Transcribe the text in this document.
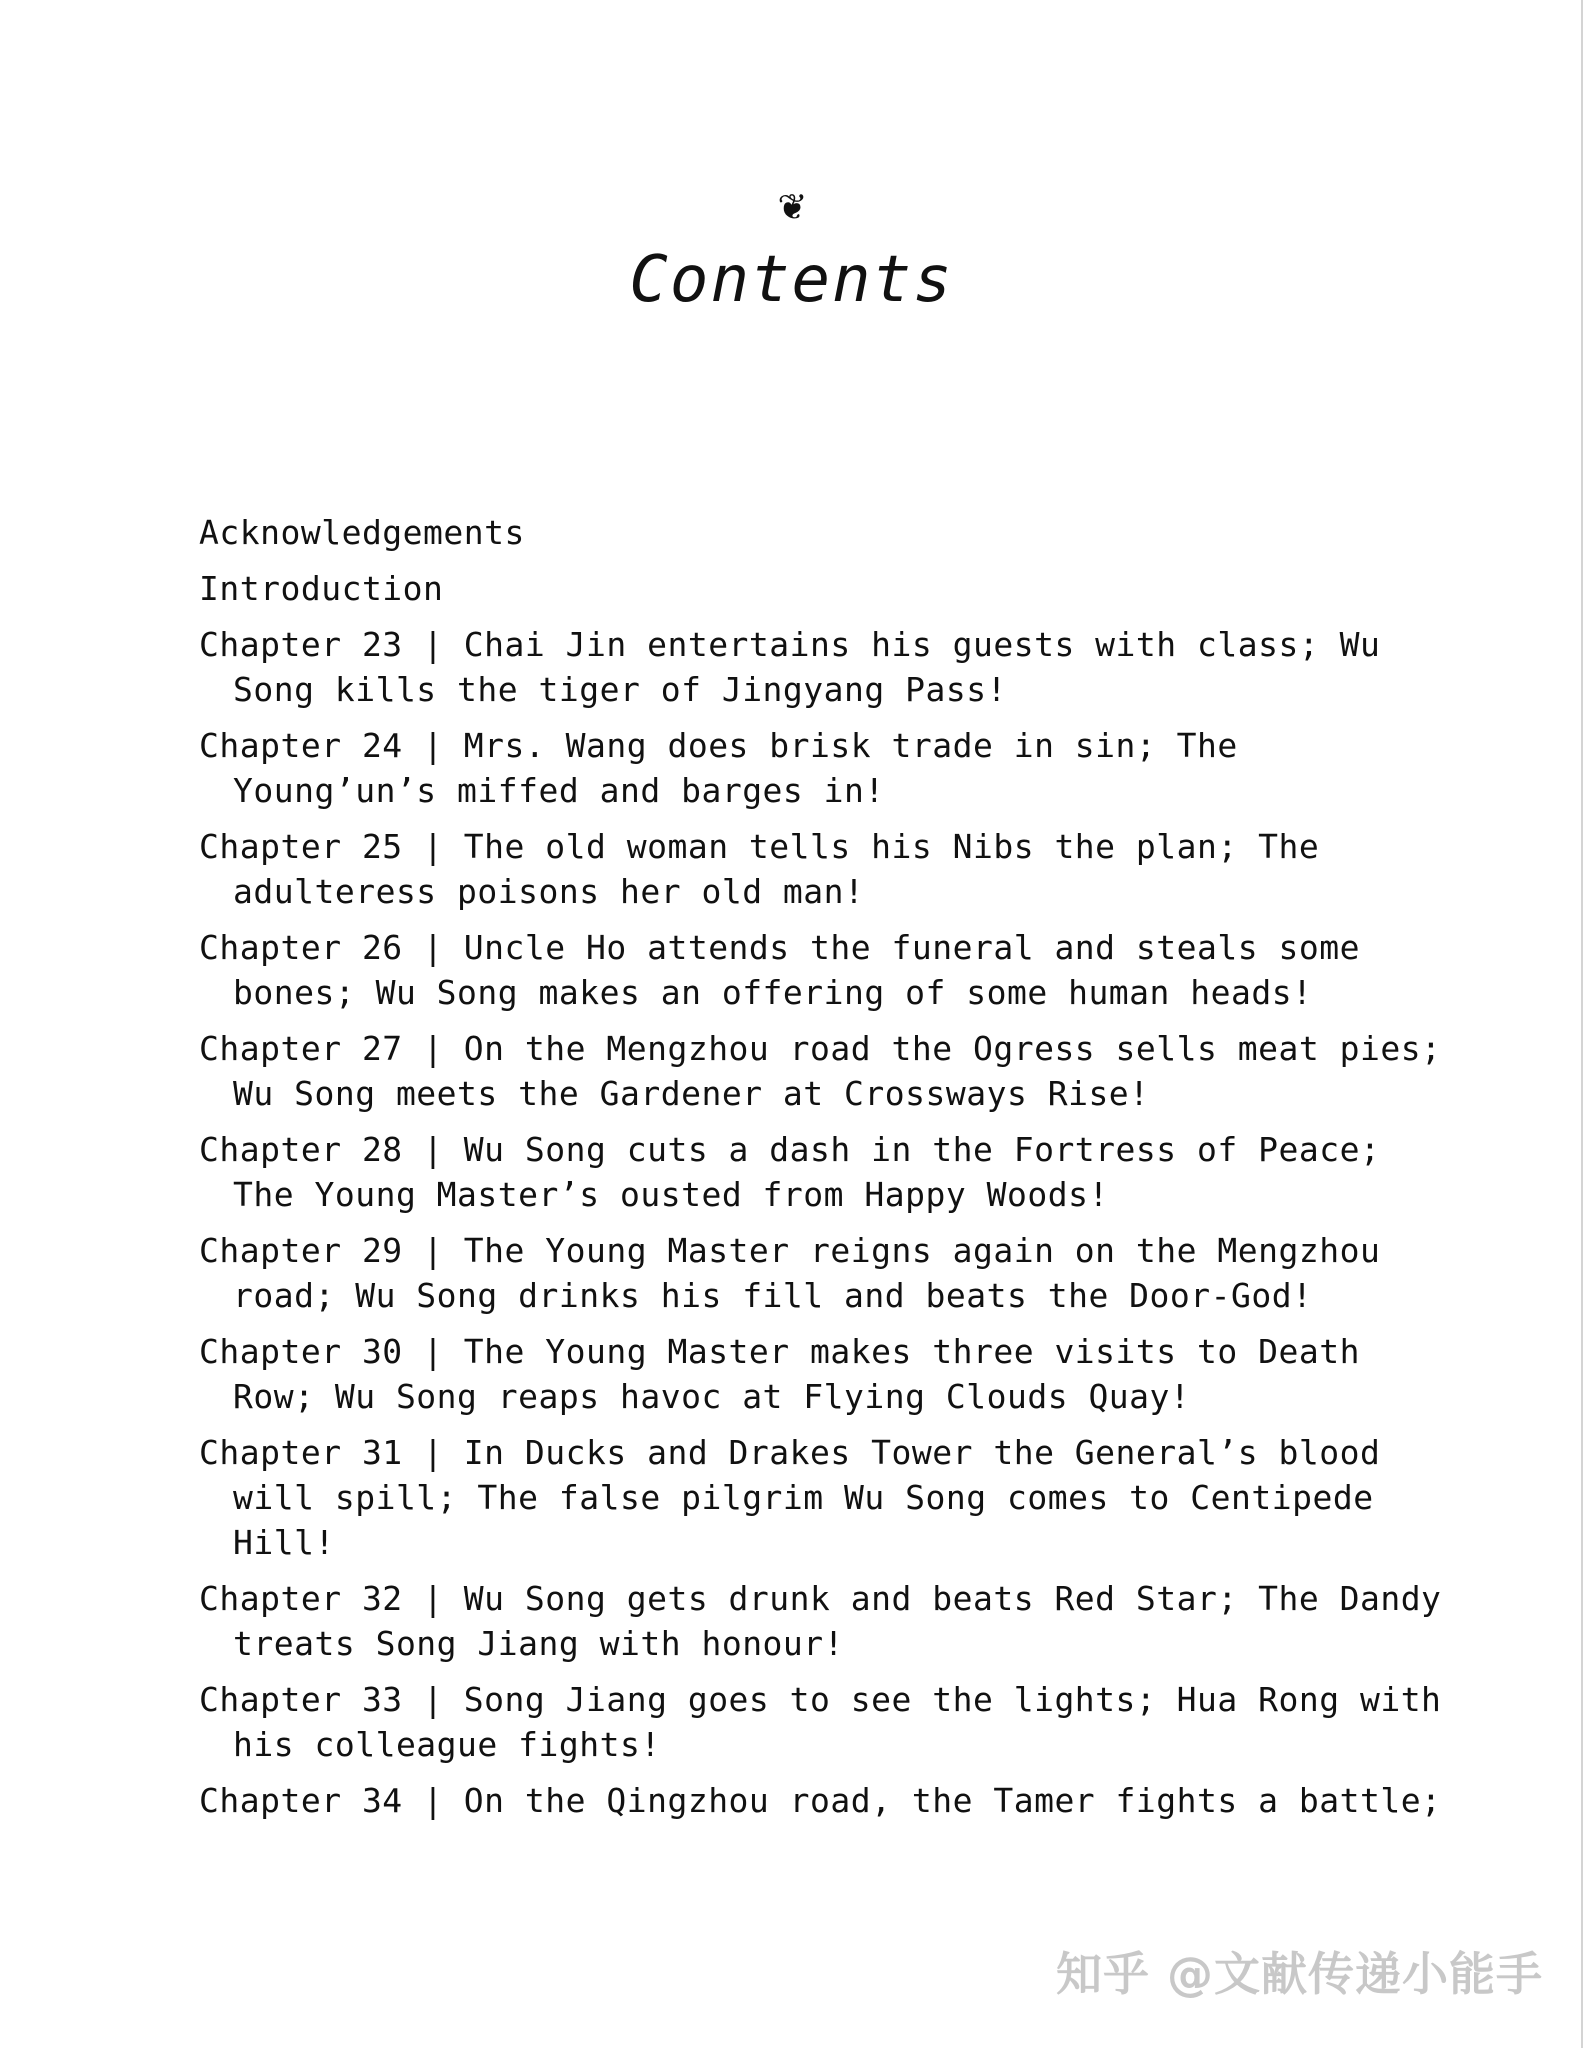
❦
Contents
Acknowledgements
Introduction
Chapter 23 | Chai Jin entertains his guests with class; Wu Song kills the tiger of Jingyang Pass!
Chapter 24 | Mrs. Wang does brisk trade in sin; The Young’un’s miffed and barges in!
Chapter 25 | The old woman tells his Nibs the plan; The adulteress poisons her old man!
Chapter 26 | Uncle Ho attends the funeral and steals some bones; Wu Song makes an offering of some human heads!
Chapter 27 | On the Mengzhou road the Ogress sells meat pies; Wu Song meets the Gardener at Crossways Rise!
Chapter 28 | Wu Song cuts a dash in the Fortress of Peace; The Young Master’s ousted from Happy Woods!
Chapter 29 | The Young Master reigns again on the Mengzhou road; Wu Song drinks his fill and beats the Door-God!
Chapter 30 | The Young Master makes three visits to Death Row; Wu Song reaps havoc at Flying Clouds Quay!
Chapter 31 | In Ducks and Drakes Tower the General’s blood will spill; The false pilgrim Wu Song comes to Centipede Hill!
Chapter 32 | Wu Song gets drunk and beats Red Star; The Dandy treats Song Jiang with honour!
Chapter 33 | Song Jiang goes to see the lights; Hua Rong with his colleague fights!
Chapter 34 | On the Qingzhou road, the Tamer fights a battle;
知乎 @文献传递小能手
